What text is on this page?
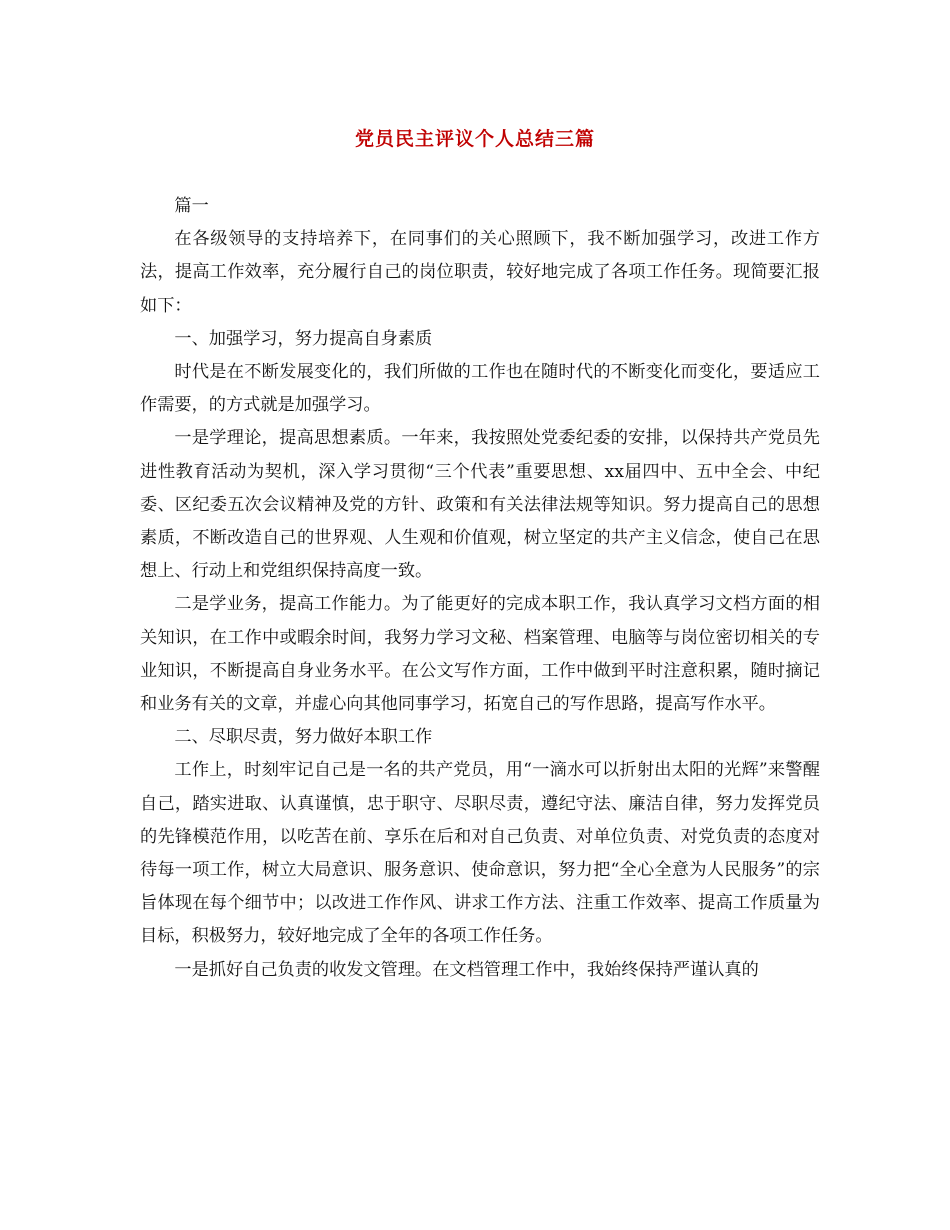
党员民主评议个人总结三篇

篇一

在各级领导的支持培养下，在同事们的关心照顾下，我不断加强学习，改进工作方法，提高工作效率，充分履行自己的岗位职责，较好地完成了各项工作任务。现简要汇报如下：

一、加强学习，努力提高自身素质

时代是在不断发展变化的，我们所做的工作也在随时代的不断变化而变化，要适应工作需要，的方式就是加强学习。

一是学理论，提高思想素质。一年来，我按照处党委纪委的安排，以保持共产党员先进性教育活动为契机，深入学习贯彻“三个代表”重要思想、xx届四中、五中全会、中纪委、区纪委五次会议精神及党的方针、政策和有关法律法规等知识。努力提高自己的思想素质，不断改造自己的世界观、人生观和价值观，树立坚定的共产主义信念，使自己在思想上、行动上和党组织保持高度一致。

二是学业务，提高工作能力。为了能更好的完成本职工作，我认真学习文档方面的相关知识，在工作中或暇余时间，我努力学习文秘、档案管理、电脑等与岗位密切相关的专业知识，不断提高自身业务水平。在公文写作方面，工作中做到平时注意积累，随时摘记和业务有关的文章，并虚心向其他同事学习，拓宽自己的写作思路，提高写作水平。

二、尽职尽责，努力做好本职工作

工作上，时刻牢记自己是一名的共产党员，用“一滴水可以折射出太阳的光辉”来警醒自己，踏实进取、认真谨慎，忠于职守、尽职尽责，遵纪守法、廉洁自律，努力发挥党员的先锋模范作用，以吃苦在前、享乐在后和对自己负责、对单位负责、对党负责的态度对待每一项工作，树立大局意识、服务意识、使命意识，努力把“全心全意为人民服务”的宗旨体现在每个细节中；以改进工作作风、讲求工作方法、注重工作效率、提高工作质量为目标，积极努力，较好地完成了全年的各项工作任务。

一是抓好自己负责的收发文管理。在文档管理工作中，我始终保持严谨认真的
